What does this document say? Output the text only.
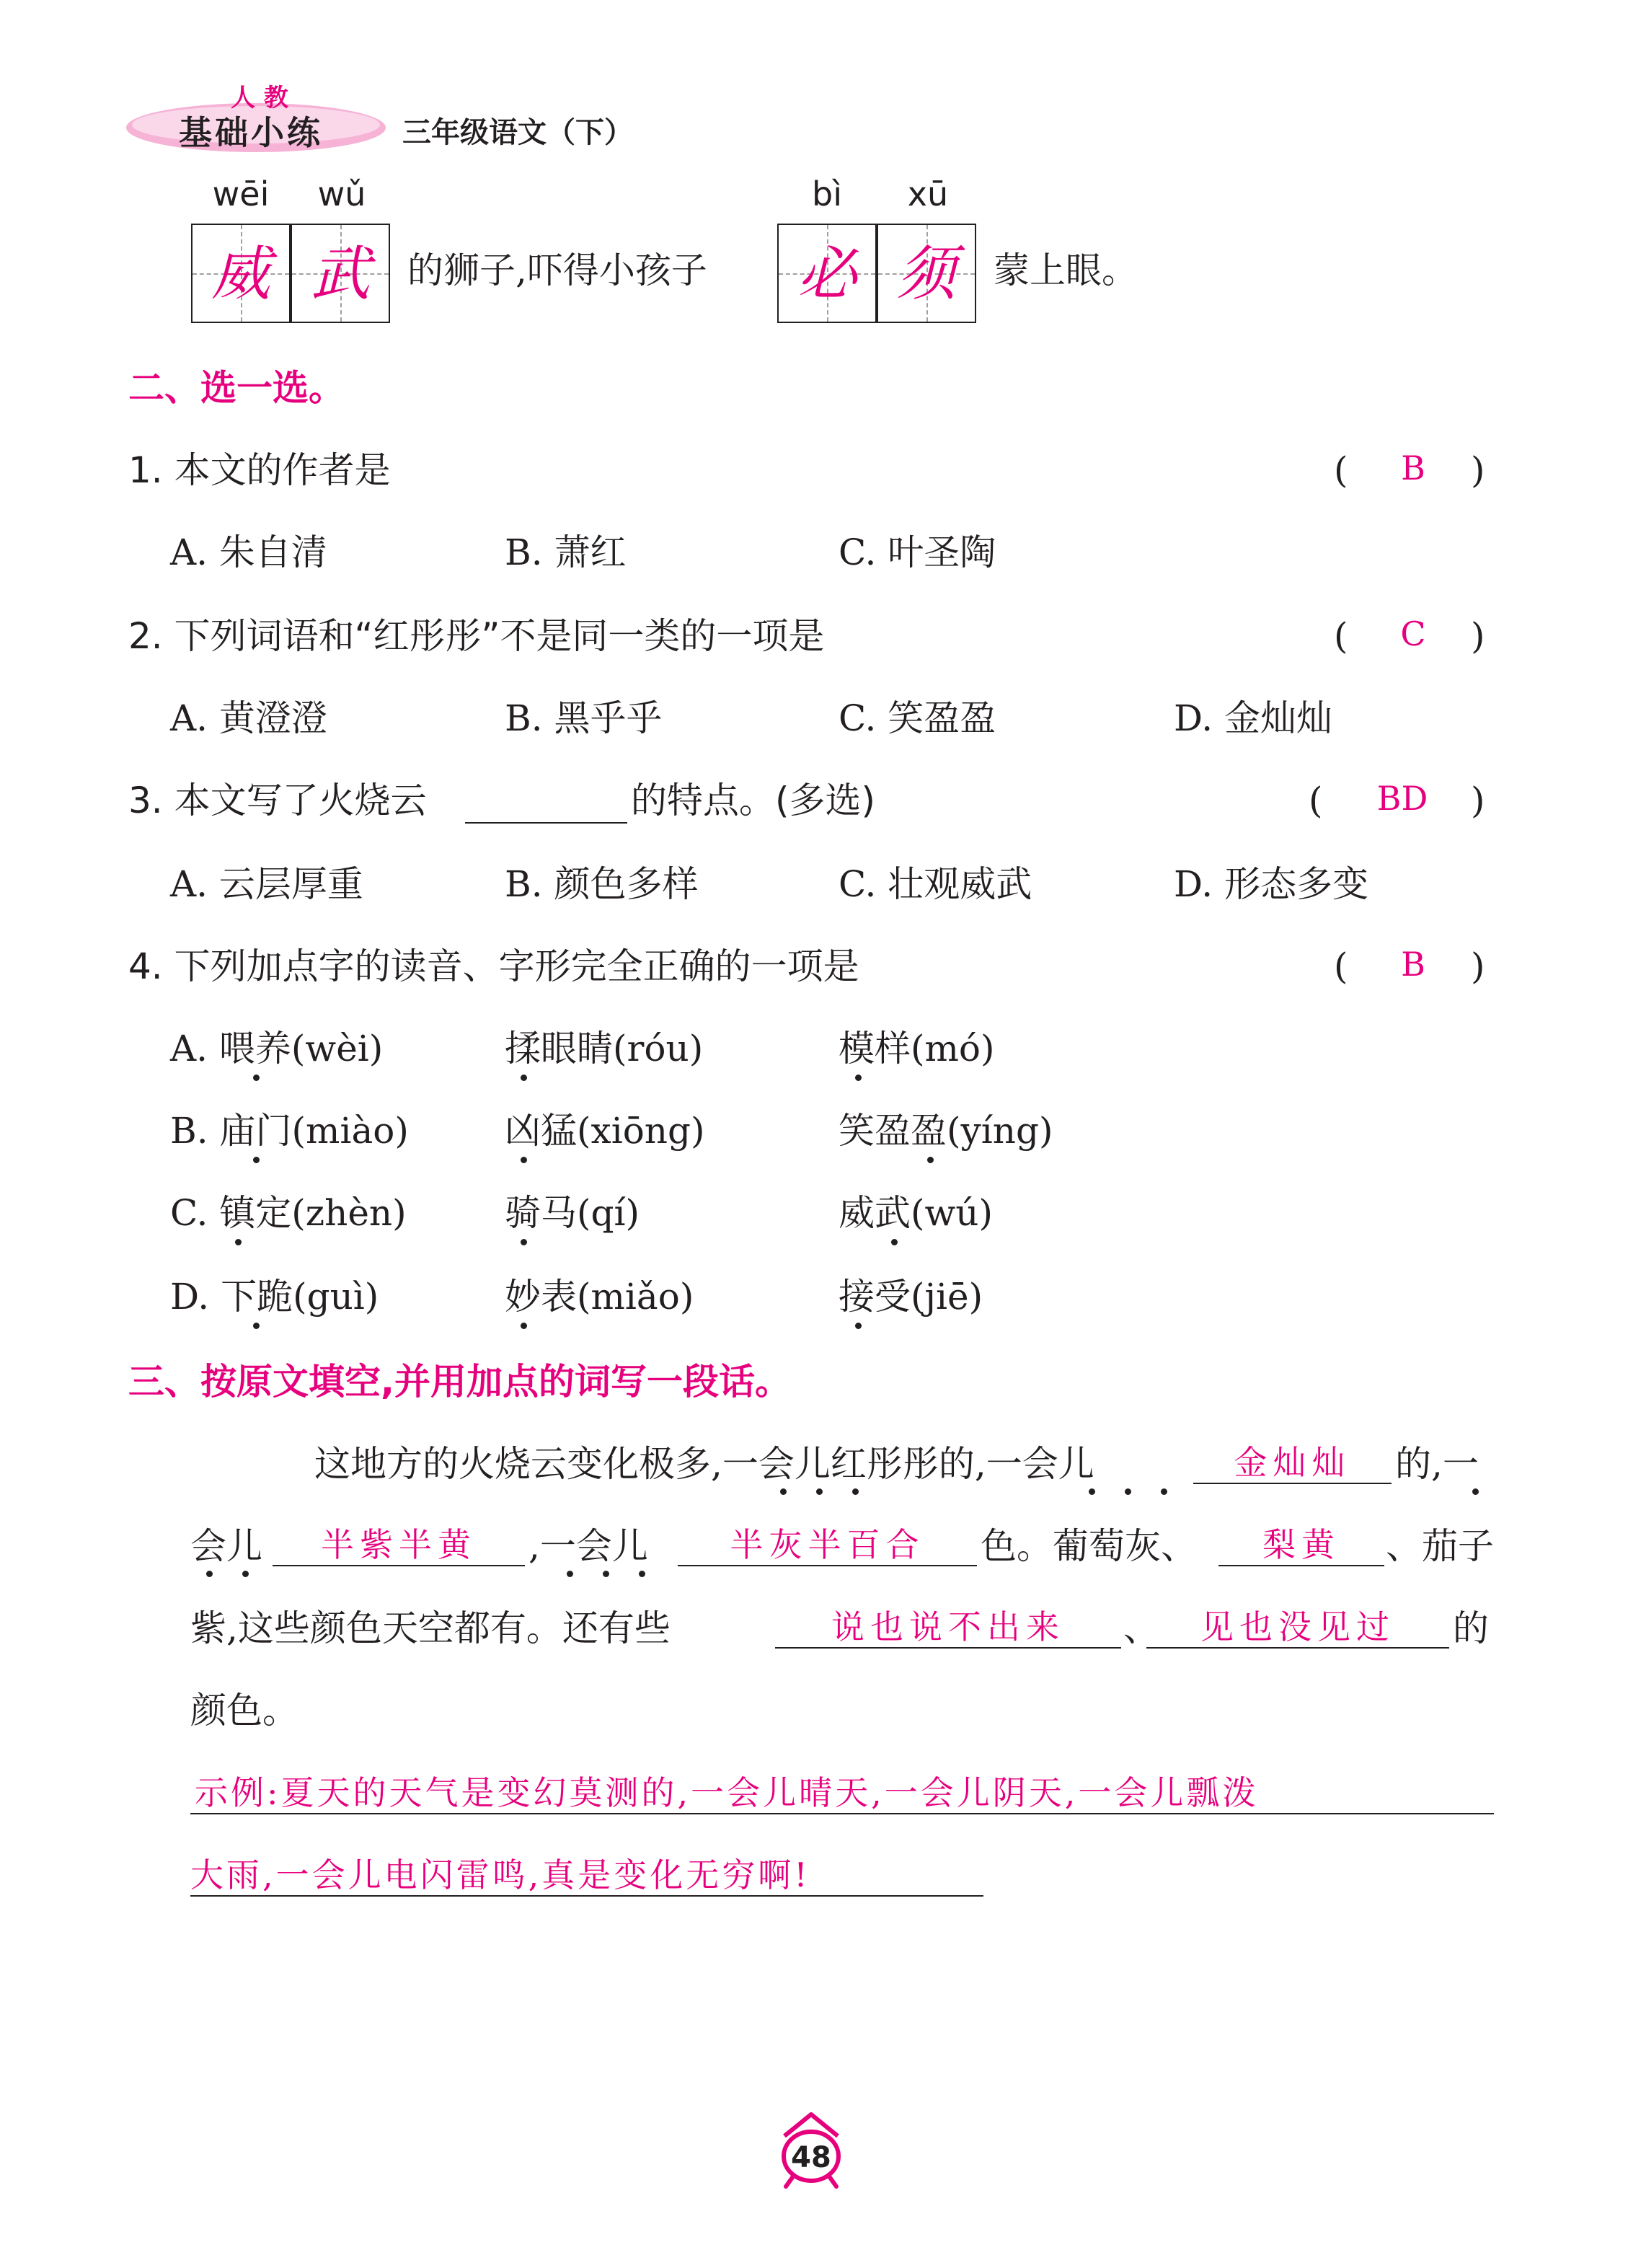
人 教
基础小练	三年级语文（下）
wēi	wǔ	bì	xū
威 武	的狮子,吓得小孩子	必 须	蒙上眼。
二、选一选。
1. 本文的作者是	(	B	)
A. 朱自清	B. 萧红	C. 叶圣陶
2. 下列词语和“红彤彤”不是同一类的一项是	(	C	)
A. 黄澄澄	B. 黑乎乎	C. 笑盈盈	D. 金灿灿
3. 本文写了火烧云	的特点。(多选)	(	BD	)
A. 云层厚重	B. 颜色多样	C. 壮观威武	D. 形态多变
4. 下列加点字的读音、字形完全正确的一项是	(	B	)
A. 喂养(wèi)	揉眼睛(róu)	模样(mó)
B. 庙门(miào)	凶猛(xiōng)	笑盈盈(yíng)
C. 镇定(zhèn)	骑马(qí)	威武(wú)
D. 下跪(guì)	妙表(miǎo)	接受(jiē)
三、按原文填空,并用加点的词写一段话。
这地方的火烧云变化极多,一会儿红彤彤的,一会儿	金灿灿	的,一
会儿	半紫半黄	,一会儿	半灰半百合	色。葡萄灰、	梨黄	、茄子
紫,这些颜色天空都有。还有些	说也说不出来	、	见也没见过	的
颜色。
示例:夏天的天气是变幻莫测的,一会儿晴天,一会儿阴天,一会儿瓢泼
大雨,一会儿电闪雷鸣,真是变化无穷啊!
48
